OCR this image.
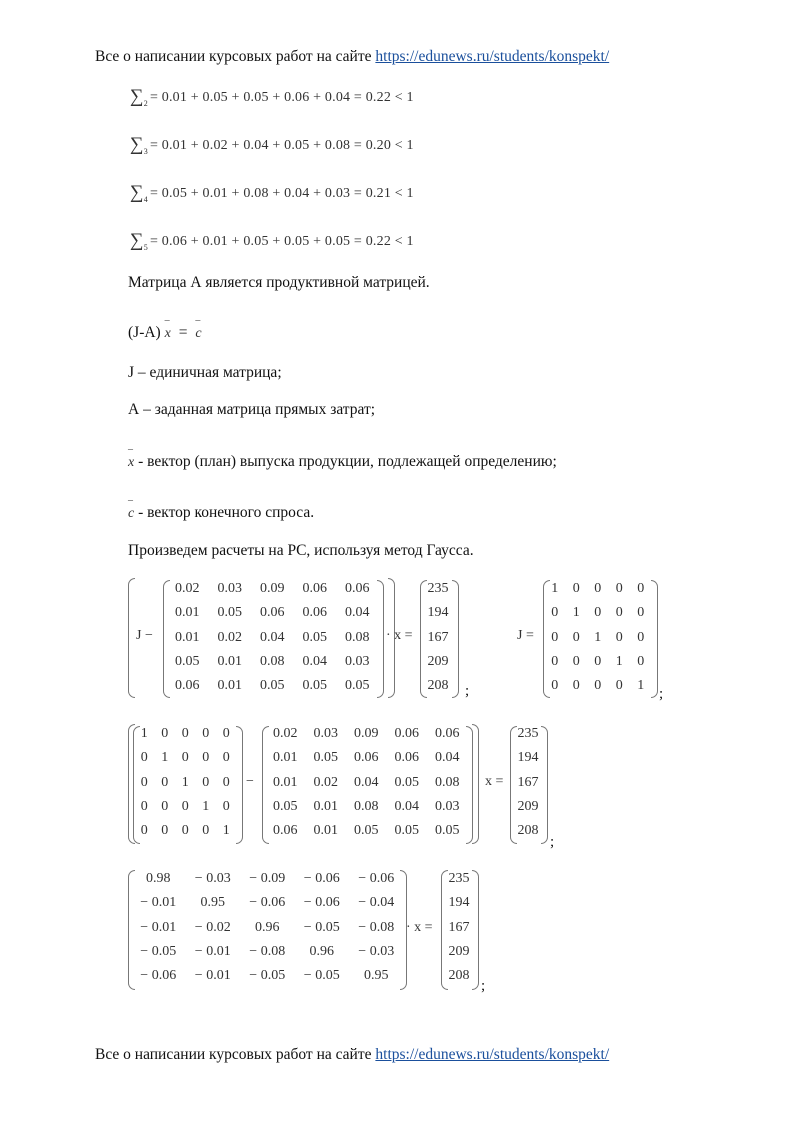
Все о написании курсовых работ на сайте https://edunews.ru/students/konspekt/
$\sum_2 = 0.01 + 0.05 + 0.05 + 0.06 + 0.04 = 0.22 < 1$
$\sum_3 = 0.01 + 0.02 + 0.04 + 0.05 + 0.08 = 0.20 < 1$
$\sum_4 = 0.05 + 0.01 + 0.08 + 0.04 + 0.03 = 0.21 < 1$
$\sum_5 = 0.06 + 0.01 + 0.05 + 0.05 + 0.05 = 0.22 < 1$
Матрица А является продуктивной матрицей.
(J-A) – x = – c
J – единичная матрица;
А – заданная матрица прямых затрат;
– x - вектор (план) выпуска продукции, подлежащей определению;
– c - вектор конечного спроса.
Произведем расчеты на PC, используя метод Гаусса.
J −
0.02	0.03	0.09	0.06	0.06
0.01	0.05	0.06	0.06	0.04
0.01	0.02	0.04	0.05	0.08
0.05	0.01	0.08	0.04	0.03
0.06	0.01	0.05	0.05	0.05
· x =
235
194
167
209
208 ;
J =
1	0	0	0	0
0	1	0	0	0
0	0	1	0	0
0	0	0	1	0
0	0	0	0	1
;
1	0	0	0	0
0	1	0	0	0
0	0	1	0	0
0	0	0	1	0
0	0	0	0	1
−
0.02	0.03	0.09	0.06	0.06
0.01	0.05	0.06	0.06	0.04
0.01	0.02	0.04	0.05	0.08
0.05	0.01	0.08	0.04	0.03
0.06	0.01	0.05	0.05	0.05
x =
235
194
167
209
208
;
0.98	− 0.03	− 0.09	− 0.06	− 0.06
− 0.01	0.95	− 0.06	− 0.06	− 0.04
− 0.01	− 0.02	0.96	− 0.05	− 0.08
− 0.05	− 0.01	− 0.08	0.96	− 0.03
− 0.06	− 0.01	− 0.05	− 0.05	0.95
· x =
235
194
167
209
208
;
Все о написании курсовых работ на сайте https://edunews.ru/students/konspekt/
